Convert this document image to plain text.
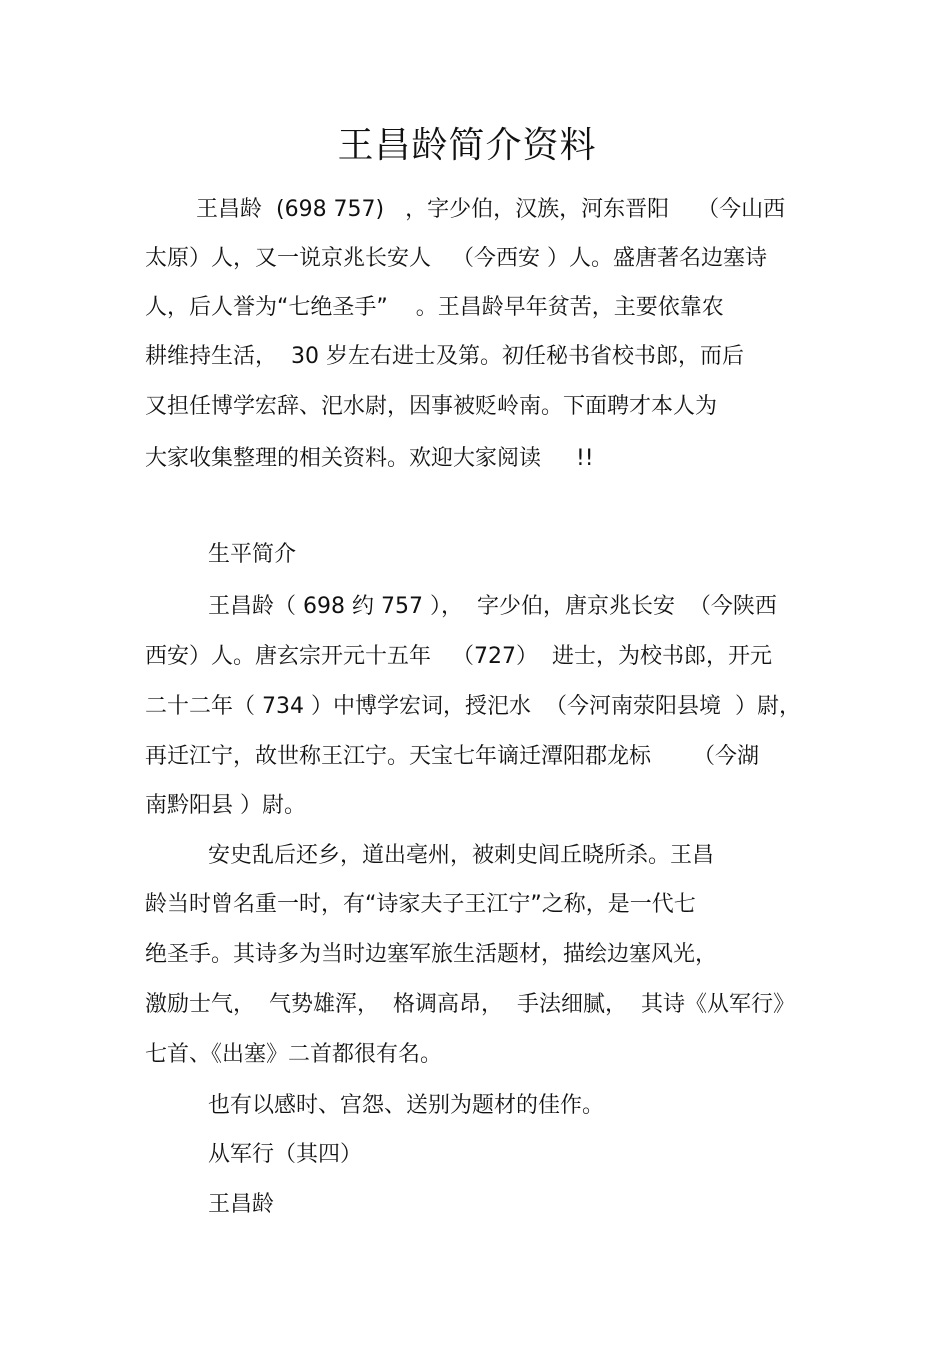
王昌龄简介资料
王昌龄  (698 757)   ，字少伯，汉族，河东晋阳    （今山西
太原）人，又一说京兆长安人   （今西安 ）人。盛唐著名边塞诗
人，后人誉为“七绝圣手”    。王昌龄早年贫苦，主要依靠农
耕维持生活，  30 岁左右进士及第。初任秘书省校书郎，而后
又担任博学宏辞、汜水尉，因事被贬岭南。下面聘才本人为
大家收集整理的相关资料。欢迎大家阅读     !!
生平简介
王昌龄（ 698 约 757 ），  字少伯，唐京兆长安  （今陕西
西安）人。唐玄宗开元十五年   （727）  进士，为校书郎，开元
二十二年（ 734 ）中博学宏词，授汜水  （今河南荥阳县境  ）尉，
再迁江宁，故世称王江宁。天宝七年谪迁潭阳郡龙标      （今湖
南黔阳县 ）尉。
安史乱后还乡，道出亳州，被刺史闾丘晓所杀。王昌
龄当时曾名重一时，有“诗家夫子王江宁”之称，是一代七
绝圣手。其诗多为当时边塞军旅生活题材，描绘边塞风光，
激励士气，  气势雄浑，  格调高昂，  手法细腻，  其诗《从军行》
七首、《出塞》二首都很有名。
也有以感时、宫怨、送别为题材的佳作。
从军行（其四）
王昌龄
